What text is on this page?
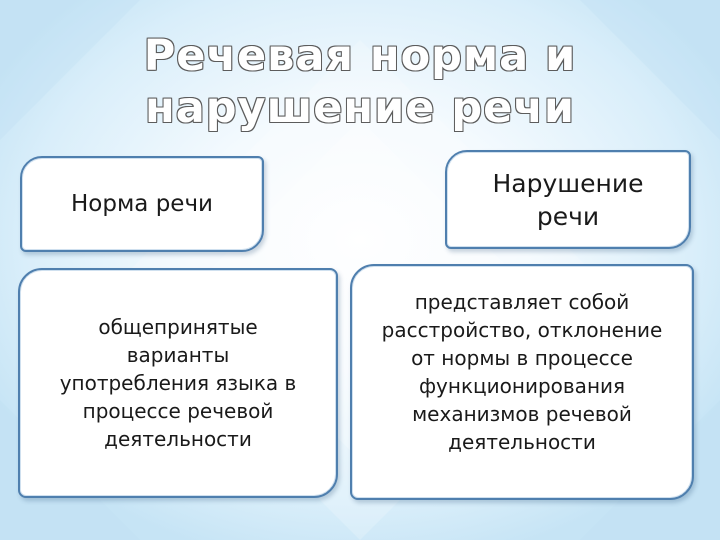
Речевая норма и нарушение речи
Норма речи
Нарушение
речи
общепринятые
варианты
употребления языка в
процессе речевой
деятельности
представляет собой
расстройство, отклонение
от нормы в процессе
функционирования
механизмов речевой
деятельности
